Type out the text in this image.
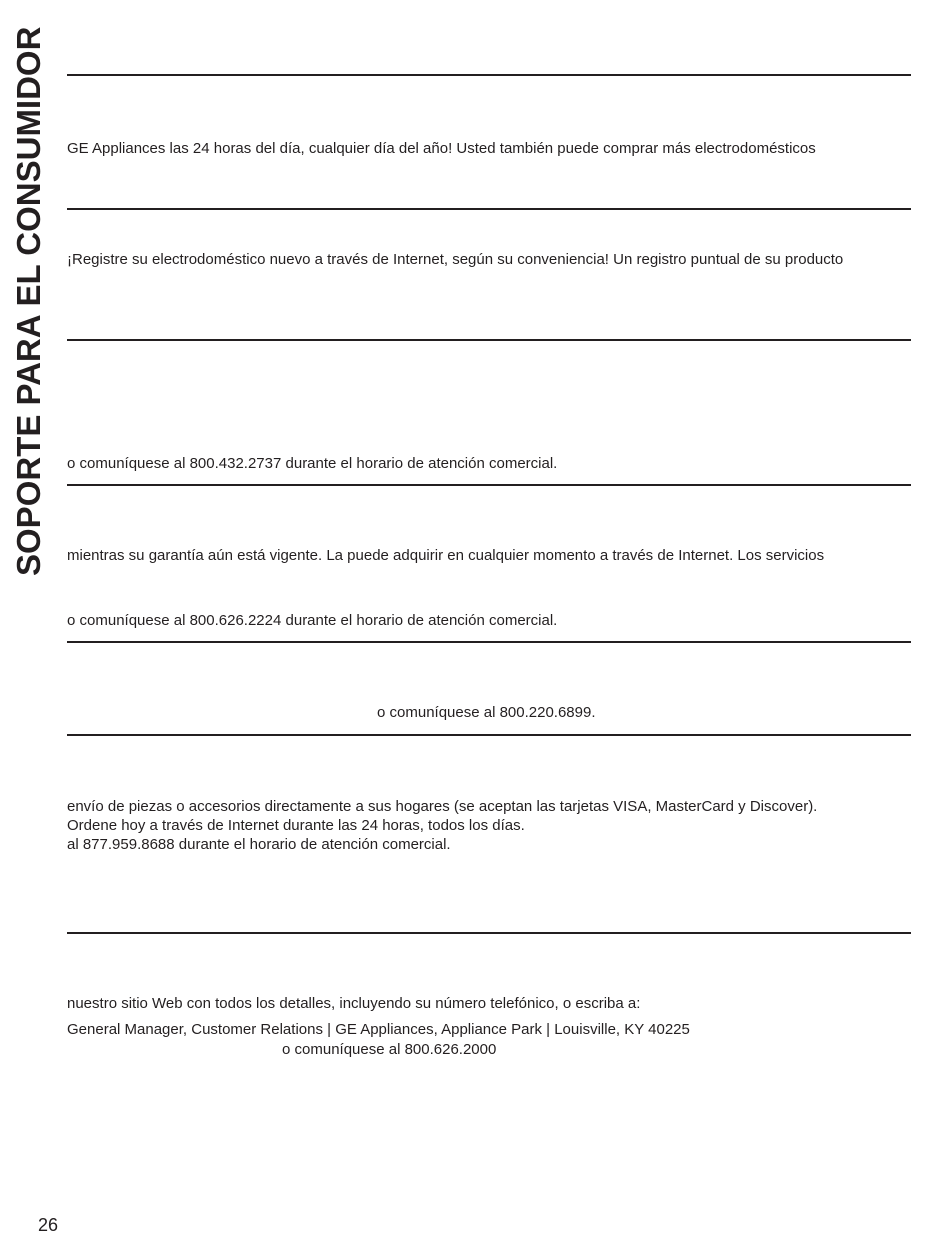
SOPORTE PARA EL CONSUMIDOR GE Appliances las 24 horas del día, cualquier día del año! Usted también puede comprar más electrodomésticos
¡Registre su electrodoméstico nuevo a través de Internet, según su conveniencia! Un registro puntual de su producto
o comuníquese al 800.432.2737 durante el horario de atención comercial.
mientras su garantía aún está vigente. La puede adquirir en cualquier momento a través de Internet. Los servicios
o comuníquese al 800.626.2224 durante el horario de atención comercial.
o comuníquese al 800.220.6899.
envío de piezas o accesorios directamente a sus hogares (se aceptan las tarjetas VISA, MasterCard y Discover).
Ordene hoy a través de Internet durante las 24 horas, todos los días.
al 877.959.8688 durante el horario de atención comercial.
nuestro sitio Web con todos los detalles, incluyendo su número telefónico, o escriba a:
General Manager, Customer Relations | GE Appliances, Appliance Park | Louisville, KY 40225
o comuníquese al 800.626.2000
26
